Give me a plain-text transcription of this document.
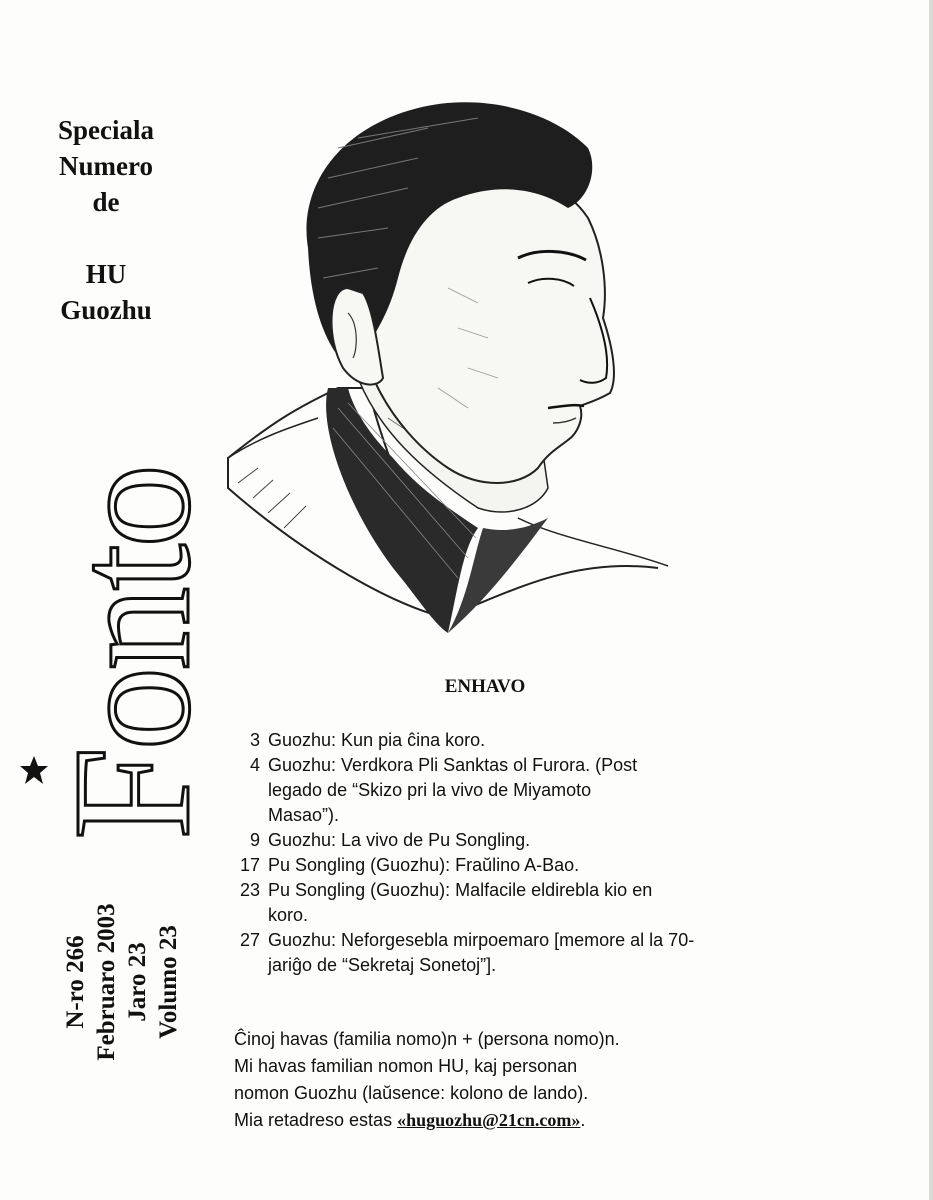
Speciala
Numero
de
HU
Guozhu
Fonto
N-ro 266 Februaro 2003 Jaro 23 Volumo 23
ENHAVO
3 Guozhu: Kun pia ĉina koro.
4 Guozhu: Verdkora Pli Sanktas ol Furora. (Post legado de “Skizo pri la vivo de Miyamoto Masao”).
9 Guozhu: La vivo de Pu Songling.
17 Pu Songling (Guozhu): Fraŭlino A-Bao.
23 Pu Songling (Guozhu): Malfacile eldirebla kio en koro.
27 Guozhu: Neforgesebla mirpoemaro [memore al la 70-jariĝo de “Sekretaj Sonetoj”].
Ĉinoj havas (familia nomo)n + (persona nomo)n.
Mi havas familian nomon HU, kaj personan
nomon Guozhu (laŭsence: kolono de lando).
Mia retadreso estas «huguozhu@21cn.com».
